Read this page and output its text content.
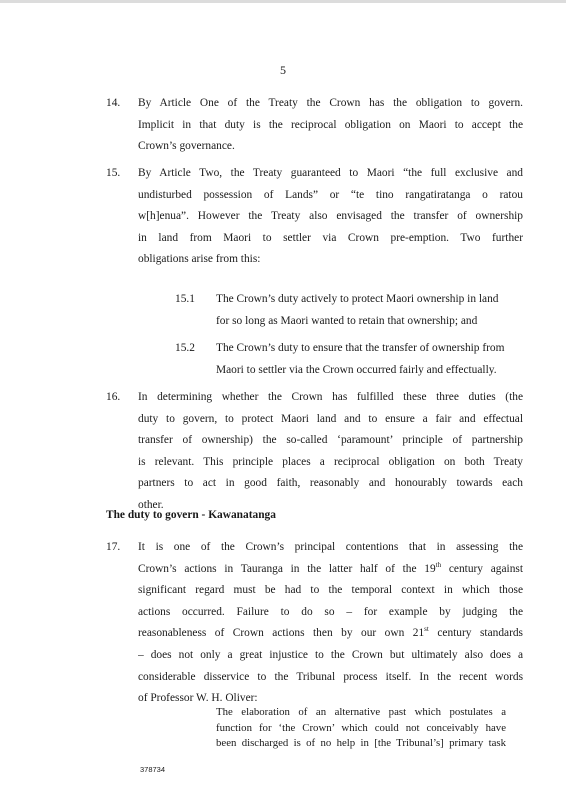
5
14. By Article One of the Treaty the Crown has the obligation to govern.
Implicit in that duty is the reciprocal obligation on Maori to accept the
Crown’s governance.
15. By Article Two, the Treaty guaranteed to Maori “the full exclusive and
undisturbed possession of Lands” or “te tino rangatiratanga o ratou
w[h]enua”. However the Treaty also envisaged the transfer of ownership
in land from Maori to settler via Crown pre-emption. Two further
obligations arise from this:
15.1 The Crown’s duty actively to protect Maori ownership in land
for so long as Maori wanted to retain that ownership; and
15.2 The Crown’s duty to ensure that the transfer of ownership from
Maori to settler via the Crown occurred fairly and effectually.
16. In determining whether the Crown has fulfilled these three duties (the
duty to govern, to protect Maori land and to ensure a fair and effectual
transfer of ownership) the so-called ‘paramount’ principle of partnership
is relevant. This principle places a reciprocal obligation on both Treaty
partners to act in good faith, reasonably and honourably towards each
other.
The duty to govern - Kawanatanga
17. It is one of the Crown’s principal contentions that in assessing the
Crown’s actions in Tauranga in the latter half of the 19th century against
significant regard must be had to the temporal context in which those
actions occurred. Failure to do so – for example by judging the
reasonableness of Crown actions then by our own 21st century standards
– does not only a great injustice to the Crown but ultimately also does a
considerable disservice to the Tribunal process itself. In the recent words
of Professor W. H. Oliver:
The elaboration of an alternative past which postulates a
function for ‘the Crown’ which could not conceivably have
been discharged is of no help in [the Tribunal’s] primary task
378734
